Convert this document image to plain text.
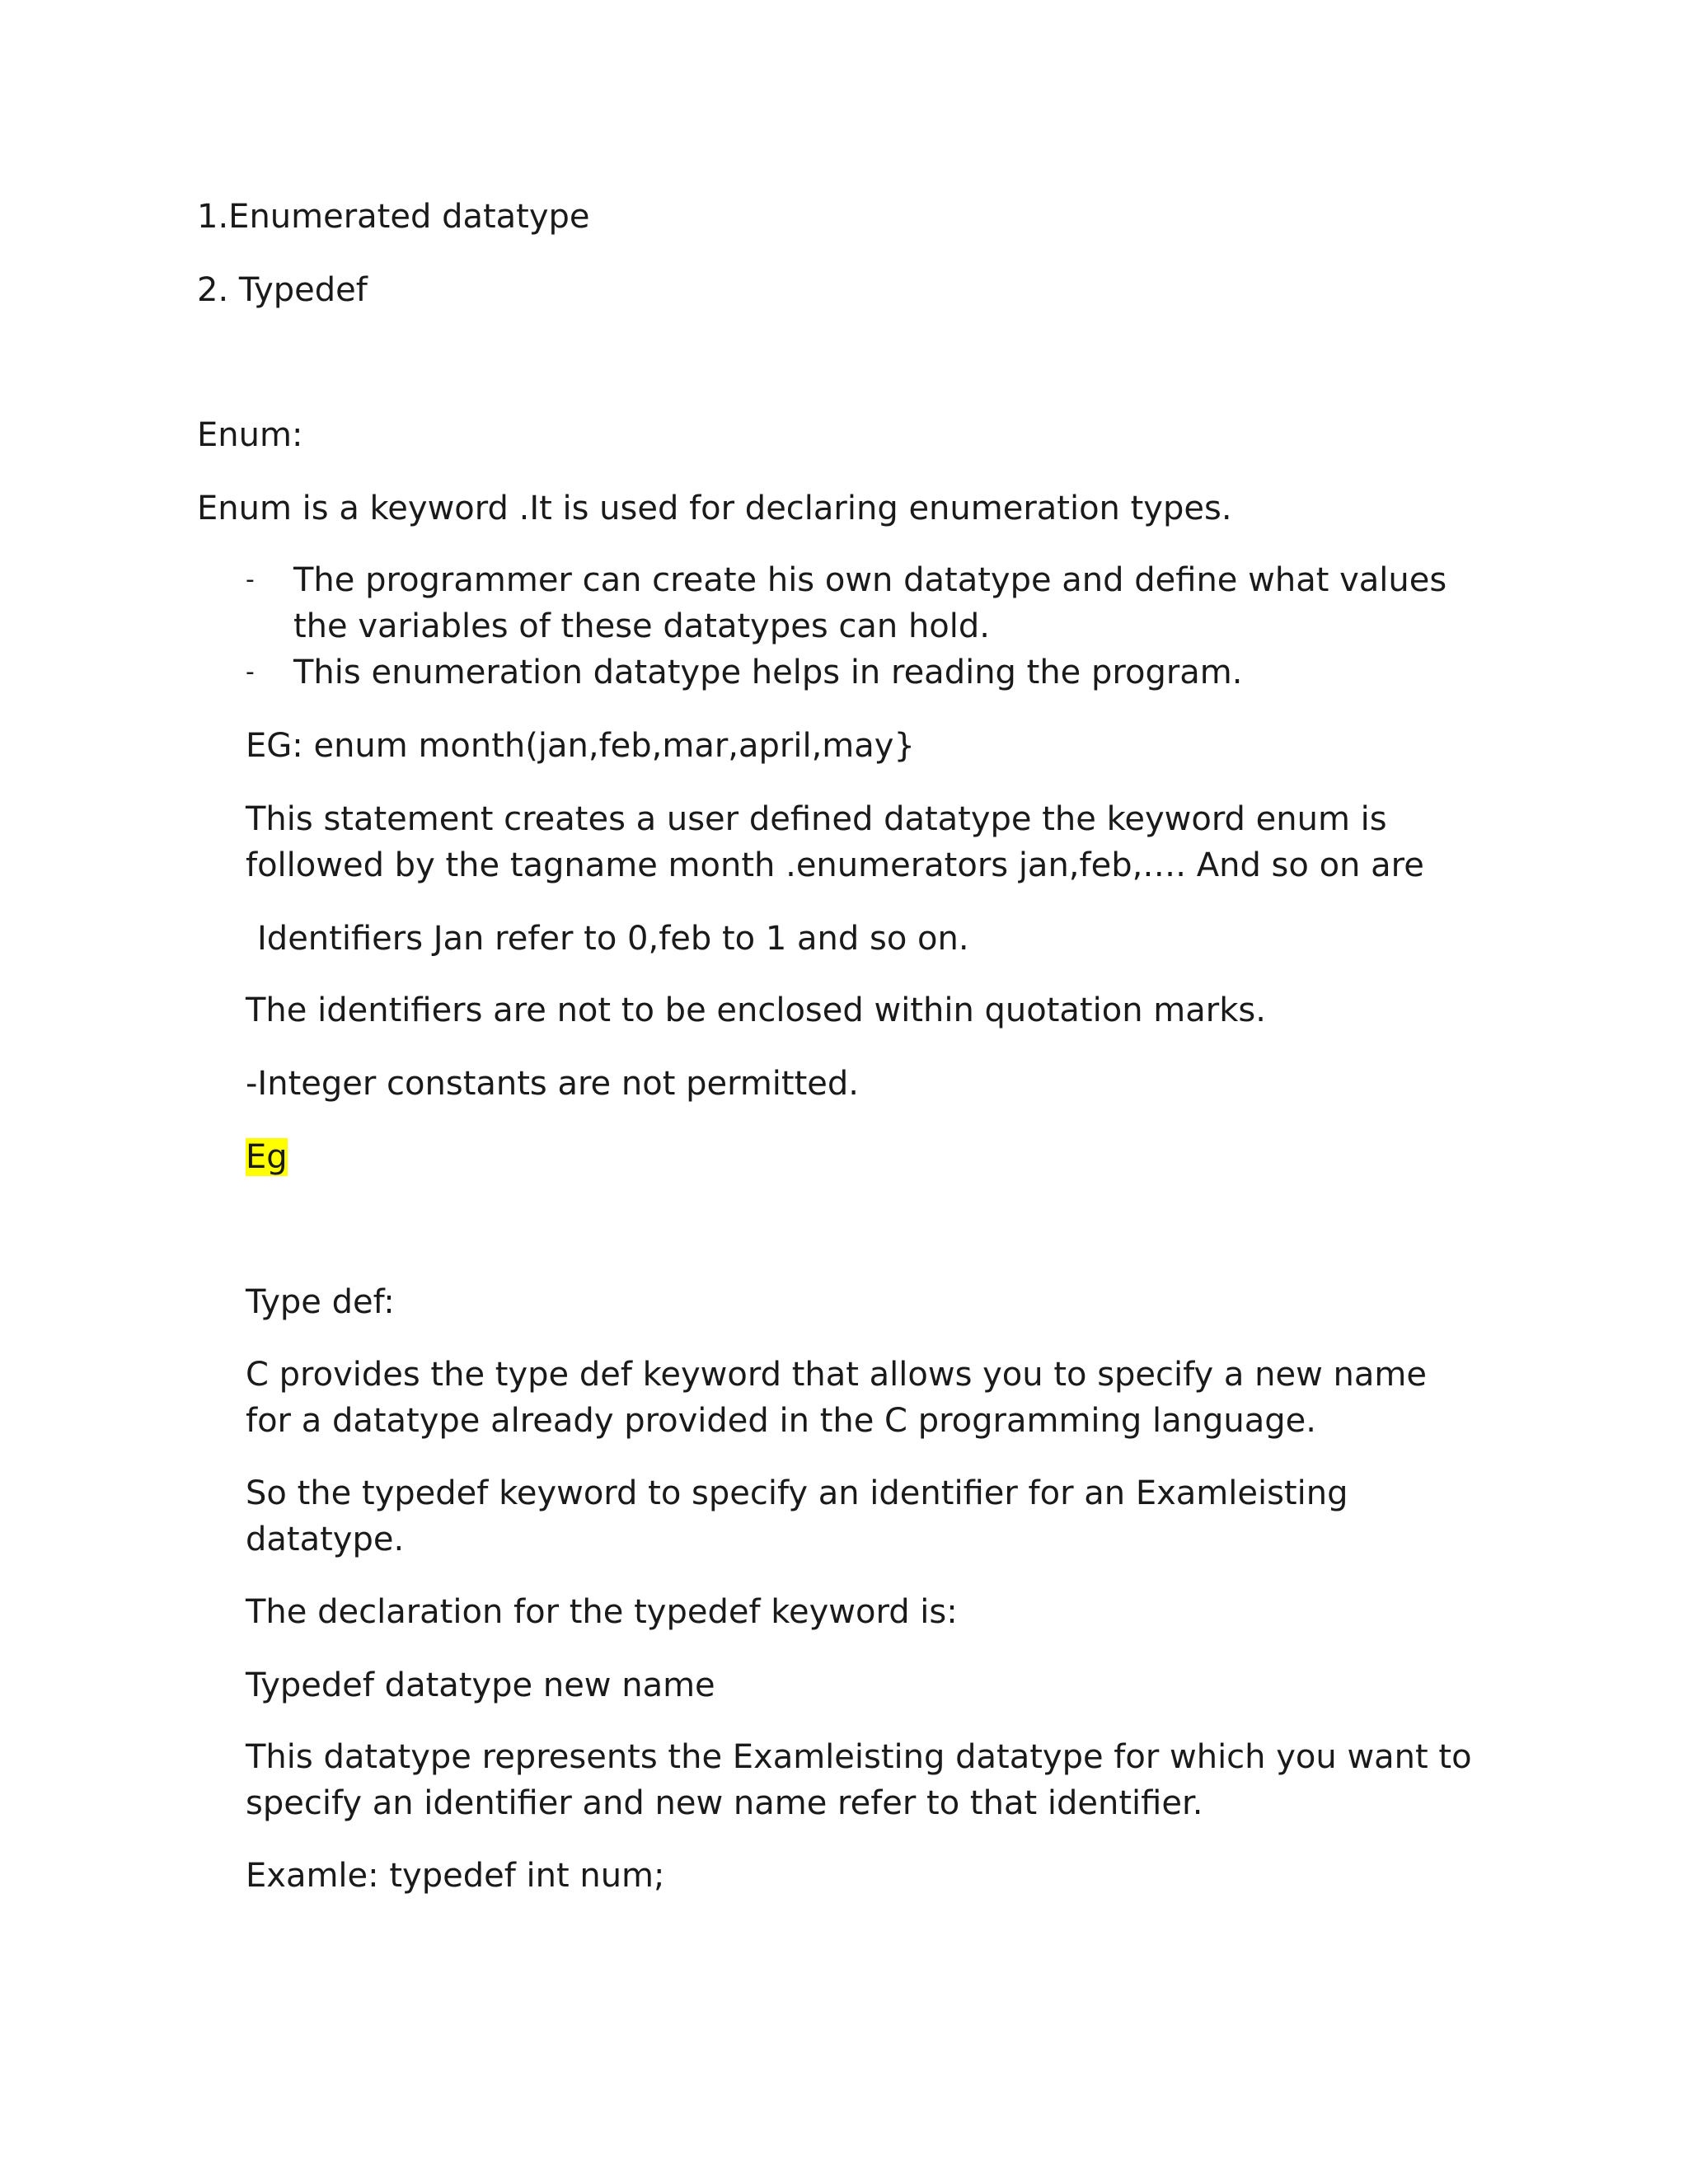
1.Enumerated datatype
2. Typedef
Enum:
Enum is a keyword .It is used for declaring enumeration types.
- The programmer can create his own datatype and define what values
the variables of these datatypes can hold.
- This enumeration datatype helps in reading the program.
EG: enum month(jan,feb,mar,april,may}
This statement creates a user defined datatype the keyword enum is
followed by the tagname month .enumerators jan,feb,…. And so on are
Identifiers Jan refer to 0,feb to 1 and so on.
The identifiers are not to be enclosed within quotation marks.
-Integer constants are not permitted.
Eg
Type def:
C provides the type def keyword that allows you to specify a new name
for a datatype already provided in the C programming language.
So the typedef keyword to specify an identifier for an Examleisting
datatype.
The declaration for the typedef keyword is:
Typedef datatype new name
This datatype represents the Examleisting datatype for which you want to
specify an identifier and new name refer to that identifier.
Examle: typedef int num;
